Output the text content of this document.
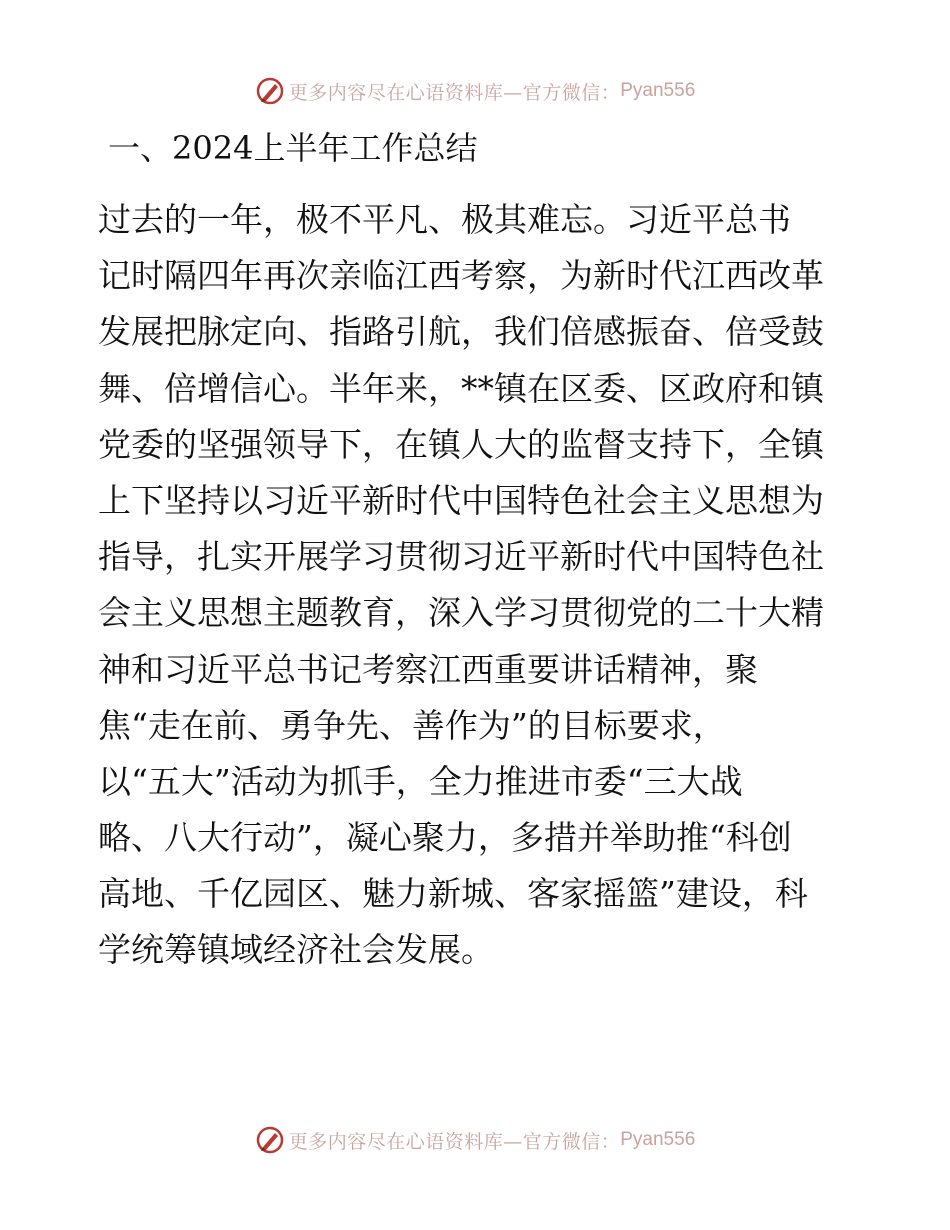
更多内容尽在心语资料库—官方微信： Pyan556
一、2024上半年工作总结
过去的一年，极不平凡、极其难忘。习近平总书
记时隔四年再次亲临江西考察，为新时代江西改革
发展把脉定向、指路引航，我们倍感振奋、倍受鼓
舞、倍增信心。半年来，**镇在区委、区政府和镇
党委的坚强领导下，在镇人大的监督支持下，全镇
上下坚持以习近平新时代中国特色社会主义思想为
指导，扎实开展学习贯彻习近平新时代中国特色社
会主义思想主题教育，深入学习贯彻党的二十大精
神和习近平总书记考察江西重要讲话精神，聚
焦“走在前、勇争先、善作为”的目标要求，
以“五大”活动为抓手，全力推进市委“三大战
略、八大行动”，凝心聚力，多措并举助推“科创
高地、千亿园区、魅力新城、客家摇篮”建设，科
学统筹镇域经济社会发展。
更多内容尽在心语资料库—官方微信： Pyan556
